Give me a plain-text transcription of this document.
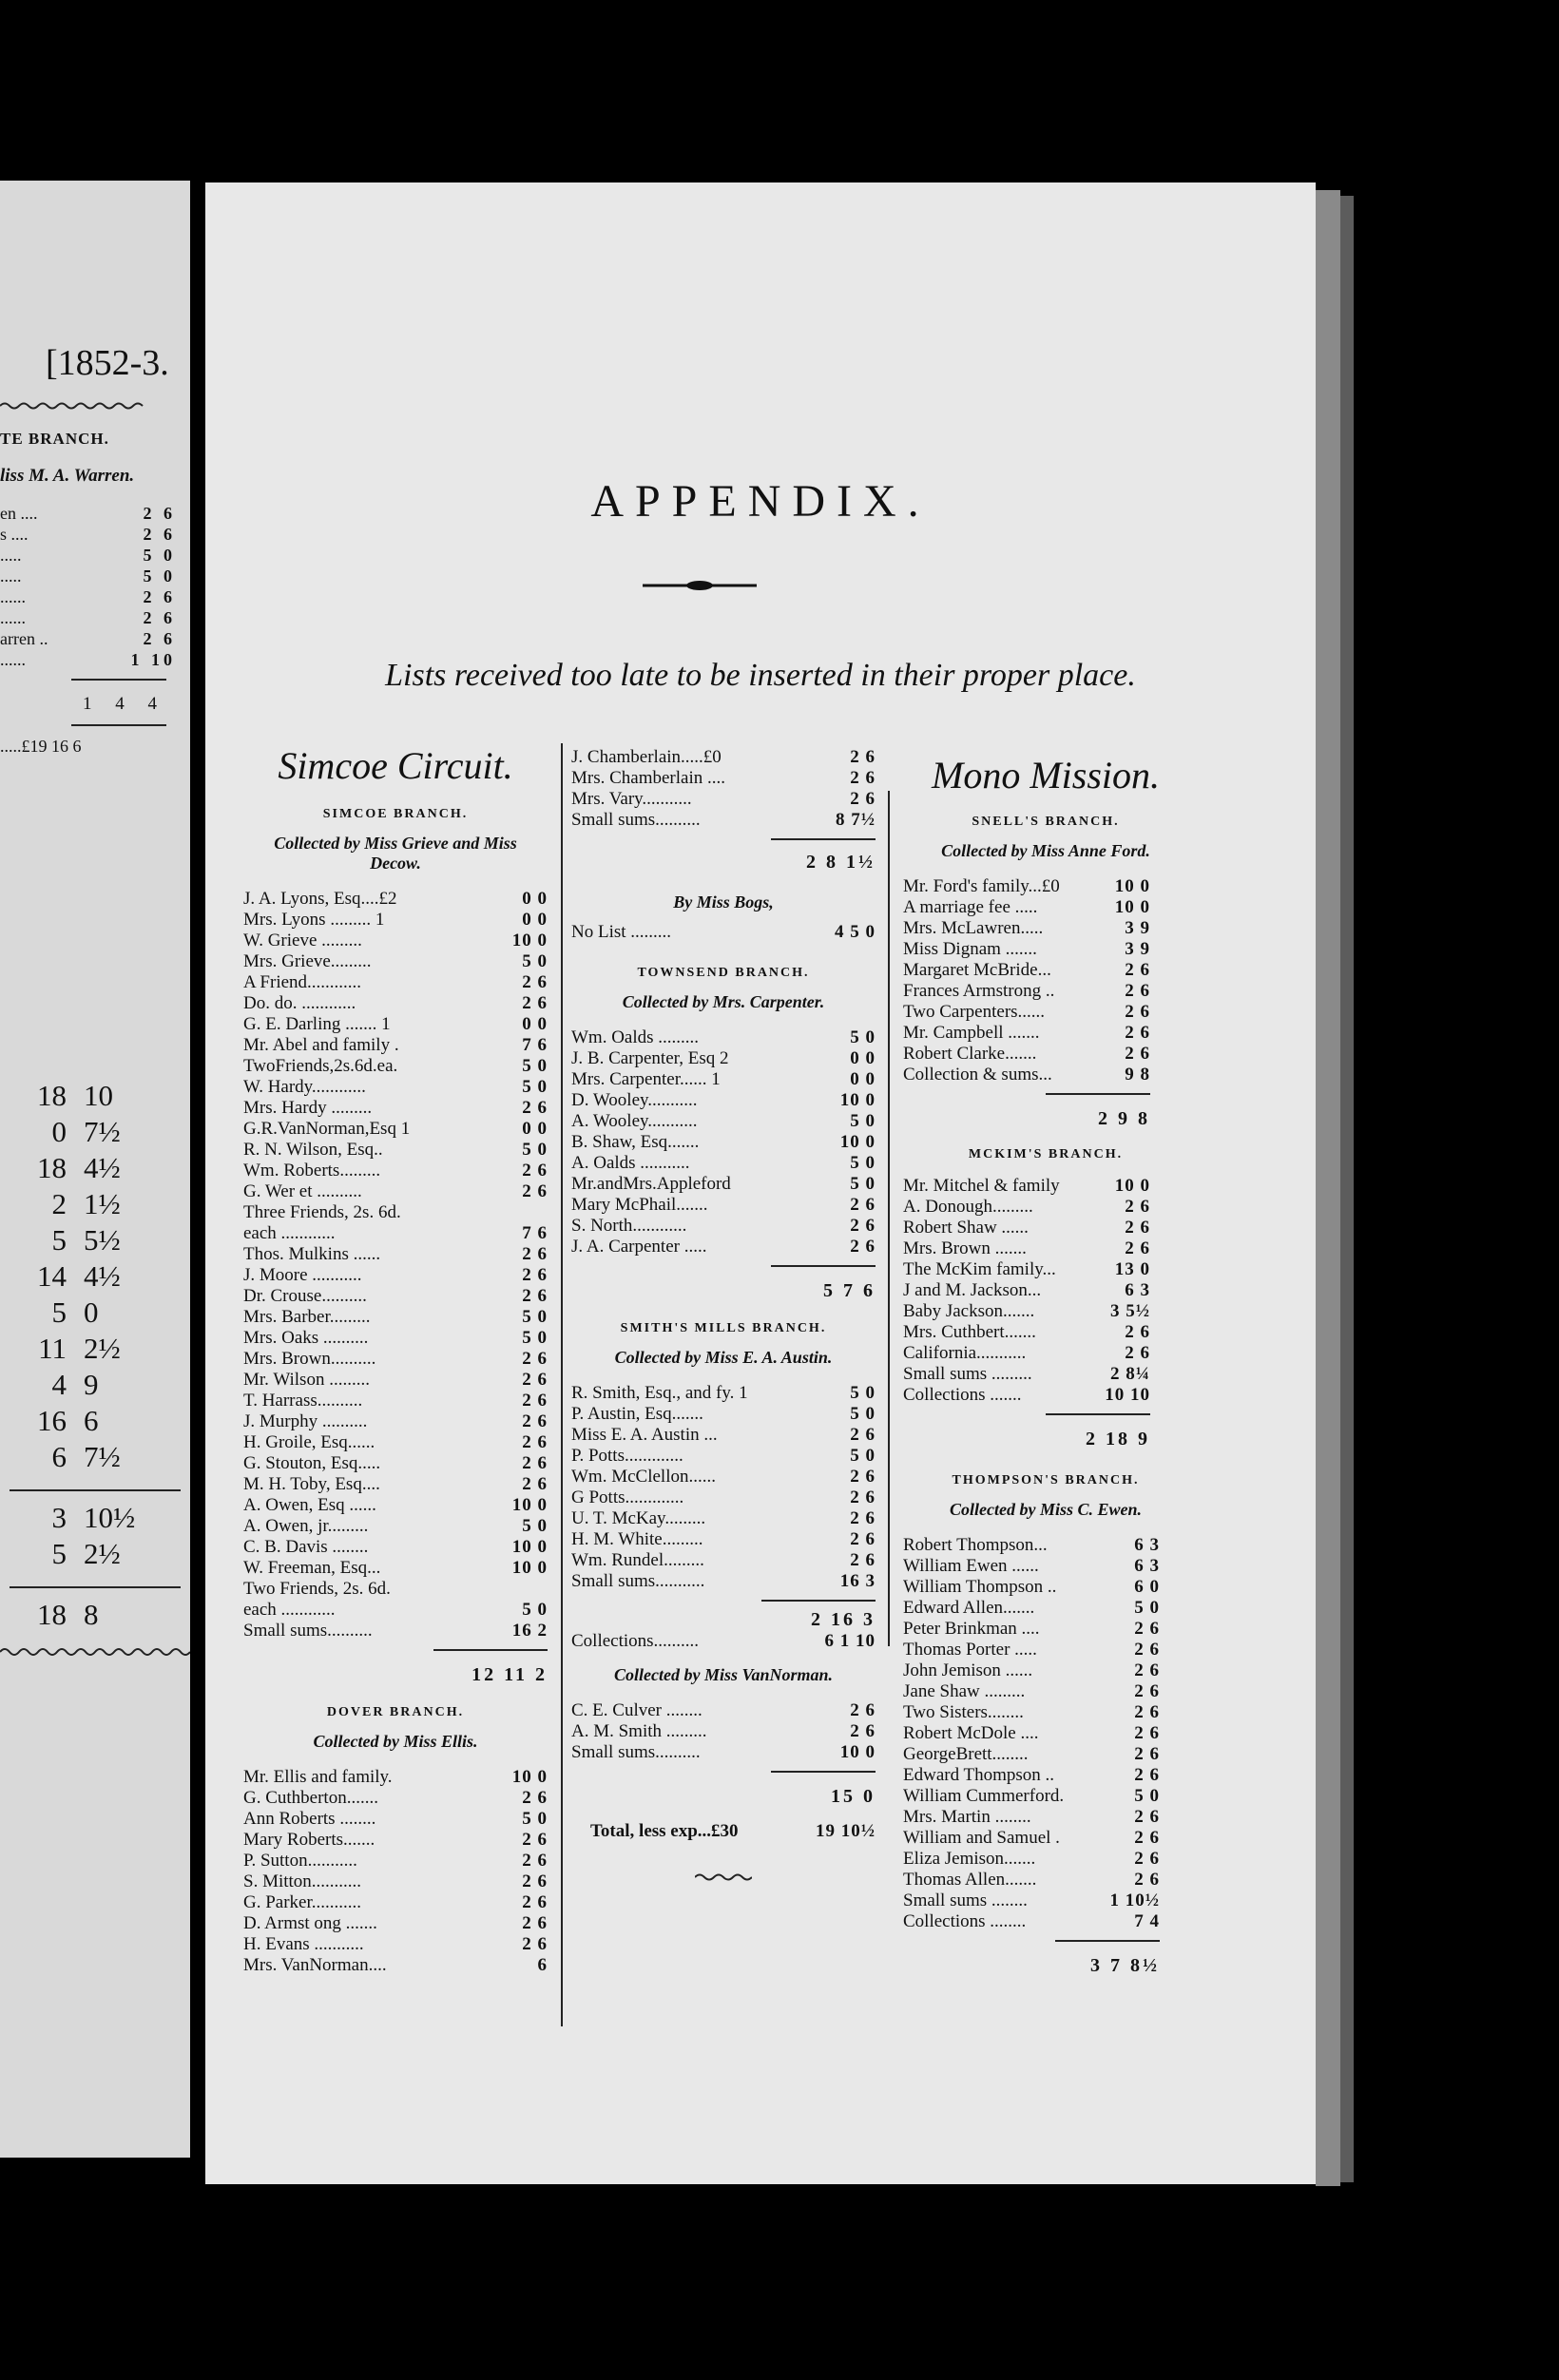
[1852-3.
TE BRANCH.
liss M. A. Warren.
en ....	2 6
s ....	2 6
.....	5 0
.....	5 0
......	2 6
......	2 6
arren ..	2 6
......	1 10
1 4 4
.....£19 16 6
18 10
0 7½
18 4½
2 1½
5 5½
14 4½
5 0
11 2½
4 9
16 6
6 7½
3 10½
5 2½
18 8
APPENDIX.
Lists received too late to be inserted in their proper place.
Simcoe Circuit.
SIMCOE BRANCH.
Collected by Miss Grieve and Miss Decow.
J. A. Lyons, Esq....£2	0 0
Mrs. Lyons ......... 1	0 0
W. Grieve .........	10 0
Mrs. Grieve.........	5 0
A Friend............	2 6
Do. do. ............	2 6
G. E. Darling ....... 1	0 0
Mr. Abel and family .	7 6
TwoFriends,2s.6d.ea.	5 0
W. Hardy............	5 0
Mrs. Hardy .........	2 6
G.R.VanNorman,Esq 1	0 0
R. N. Wilson, Esq..	5 0
Wm. Roberts.........	2 6
G. Wer et ..........	2 6
Three Friends, 2s. 6d.
each ............	7 6
Thos. Mulkins ......	2 6
J. Moore ...........	2 6
Dr. Crouse..........	2 6
Mrs. Barber.........	5 0
Mrs. Oaks ..........	5 0
Mrs. Brown..........	2 6
Mr. Wilson .........	2 6
T. Harrass..........	2 6
J. Murphy ..........	2 6
H. Groile, Esq......	2 6
G. Stouton, Esq.....	2 6
M. H. Toby, Esq....	2 6
A. Owen, Esq ......	10 0
A. Owen, jr.........	5 0
C. B. Davis ........	10 0
W. Freeman, Esq...	10 0
Two Friends, 2s. 6d.
each ............	5 0
Small sums..........	16 2
12 11 2
DOVER BRANCH.
Collected by Miss Ellis.
Mr. Ellis and family.	10 0
G. Cuthberton.......	2 6
Ann Roberts ........	5 0
Mary Roberts.......	2 6
P. Sutton...........	2 6
S. Mitton...........	2 6
G. Parker...........	2 6
D. Armst ong .......	2 6
H. Evans ...........	2 6
Mrs. VanNorman....	6
J. Chamberlain.....£0	2 6
Mrs. Chamberlain ....	2 6
Mrs. Vary...........	2 6
Small sums..........	8 7½
2 8 1½
By Miss Bogs,
No List .........	4 5 0
TOWNSEND BRANCH.
Collected by Mrs. Carpenter.
Wm. Oalds .........	5 0
J. B. Carpenter, Esq 2	0 0
Mrs. Carpenter...... 1	0 0
D. Wooley...........	10 0
A. Wooley...........	5 0
B. Shaw, Esq.......	10 0
A. Oalds ...........	5 0
Mr.andMrs.Appleford	5 0
Mary McPhail.......	2 6
S. North............	2 6
J. A. Carpenter .....	2 6
5 7 6
SMITH'S MILLS BRANCH.
Collected by Miss E. A. Austin.
R. Smith, Esq., and fy. 1	5 0
P. Austin, Esq.......	5 0
Miss E. A. Austin ...	2 6
P. Potts.............	5 0
Wm. McClellon......	2 6
G Potts.............	2 6
U. T. McKay.........	2 6
H. M. White.........	2 6
Wm. Rundel.........	2 6
Small sums...........	16 3
2 16 3
Collections..........	6 1 10
Collected by Miss VanNorman.
C. E. Culver ........	2 6
A. M. Smith .........	2 6
Small sums..........	10 0
15 0
Total, less exp...£30	19 10½
Mono Mission.
SNELL'S BRANCH.
Collected by Miss Anne Ford.
Mr. Ford's family...£0	10 0
A marriage fee .....	10 0
Mrs. McLawren.....	3 9
Miss Dignam .......	3 9
Margaret McBride...	2 6
Frances Armstrong ..	2 6
Two Carpenters......	2 6
Mr. Campbell .......	2 6
Robert Clarke.......	2 6
Collection & sums...	9 8
2 9 8
MCKIM'S BRANCH.
Mr. Mitchel & family	10 0
A. Donough.........	2 6
Robert Shaw ......	2 6
Mrs. Brown .......	2 6
The McKim family...	13 0
J and M. Jackson...	6 3
Baby Jackson.......	3 5½
Mrs. Cuthbert.......	2 6
California...........	2 6
Small sums .........	2 8¼
Collections .......	10 10
2 18 9
THOMPSON'S BRANCH.
Collected by Miss C. Ewen.
Robert Thompson...	6 3
William Ewen ......	6 3
William Thompson ..	6 0
Edward Allen.......	5 0
Peter Brinkman ....	2 6
Thomas Porter .....	2 6
John Jemison ......	2 6
Jane Shaw .........	2 6
Two Sisters........	2 6
Robert McDole ....	2 6
GeorgeBrett........	2 6
Edward Thompson ..	2 6
William Cummerford.	5 0
Mrs. Martin ........	2 6
William and Samuel .	2 6
Eliza Jemison.......	2 6
Thomas Allen.......	2 6
Small sums ........	1 10½
Collections ........	7 4
3 7 8½
